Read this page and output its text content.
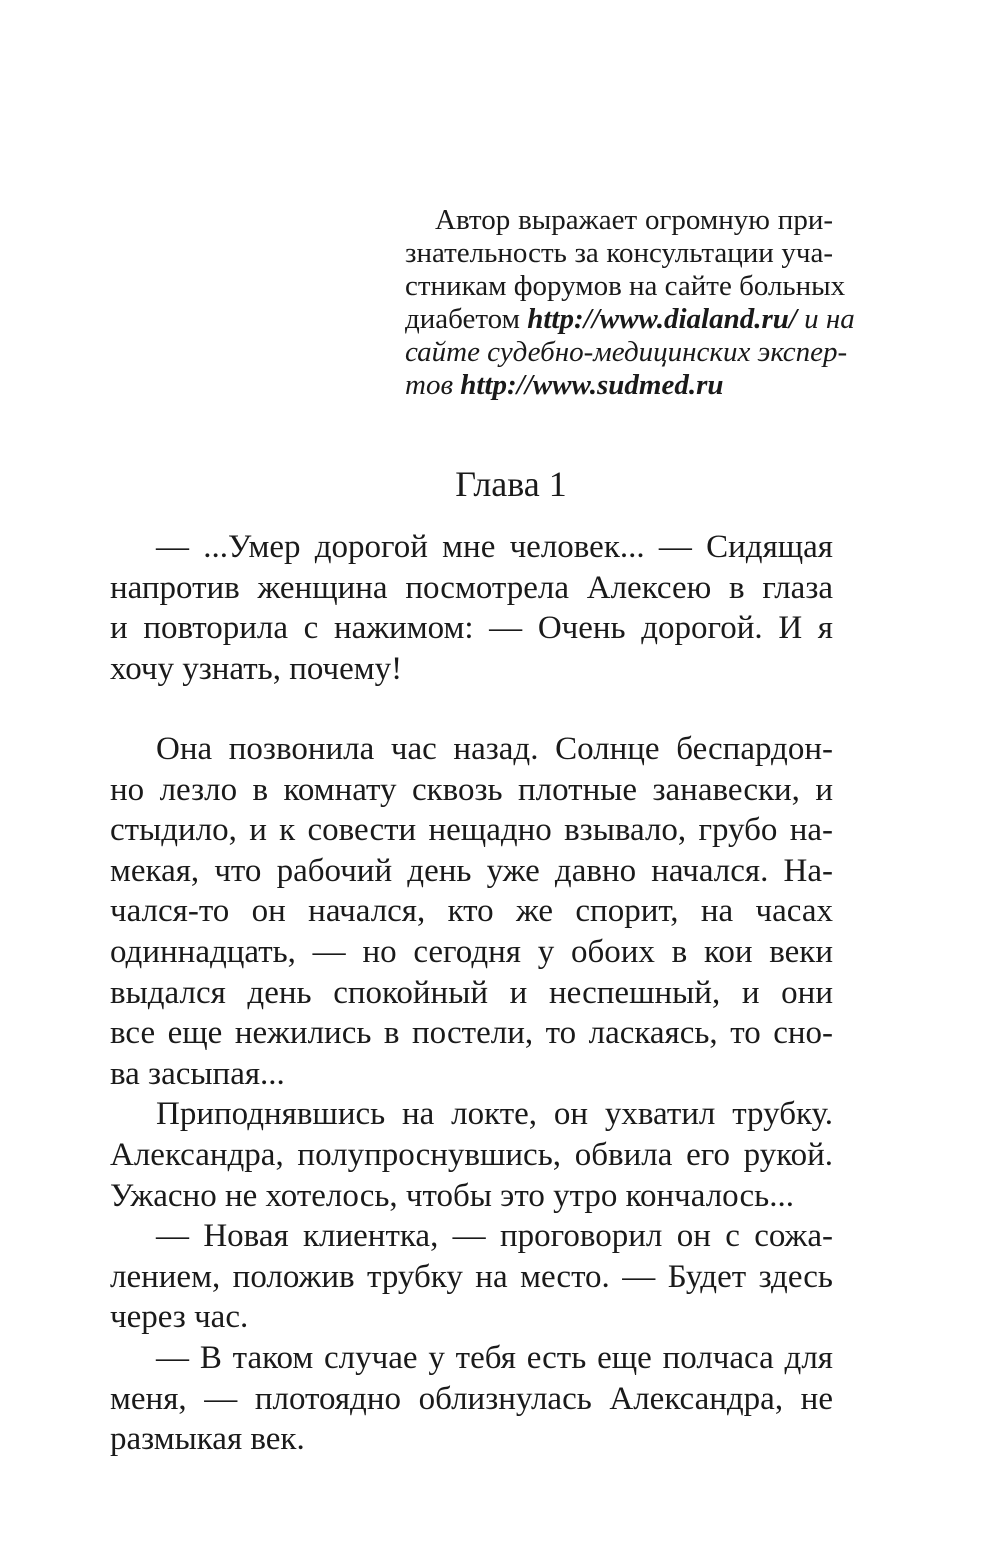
Автор выражает огромную при-
знательность за консультации уча-
стникам форумов на сайте больных
диабетом http://www.dialand.ru/ и на
сайте судебно-медицинских экспер-
тов http://www.sudmed.ru
Глава 1
— ...Умер дорогой мне человек... — Сидящая
напротив женщина посмотрела Алексею в глаза
и повторила с нажимом: — Очень дорогой. И я
хочу узнать, почему!
Она позвонила час назад. Солнце беспардон-
но лезло в комнату сквозь плотные занавески, и
стыдило, и к совести нещадно взывало, грубо на-
мекая, что рабочий день уже давно начался. На-
чался-то он начался, кто же спорит, на часах
одиннадцать, — но сегодня у обоих в кои веки
выдался день спокойный и неспешный, и они
все еще нежились в постели, то ласкаясь, то сно-
ва засыпая...
Приподнявшись на локте, он ухватил трубку.
Александра, полупроснувшись, обвила его рукой.
Ужасно не хотелось, чтобы это утро кончалось...
— Новая клиентка, — проговорил он с сожа-
лением, положив трубку на место. — Будет здесь
через час.
— В таком случае у тебя есть еще полчаса для
меня, — плотоядно облизнулась Александра, не
размыкая век.
